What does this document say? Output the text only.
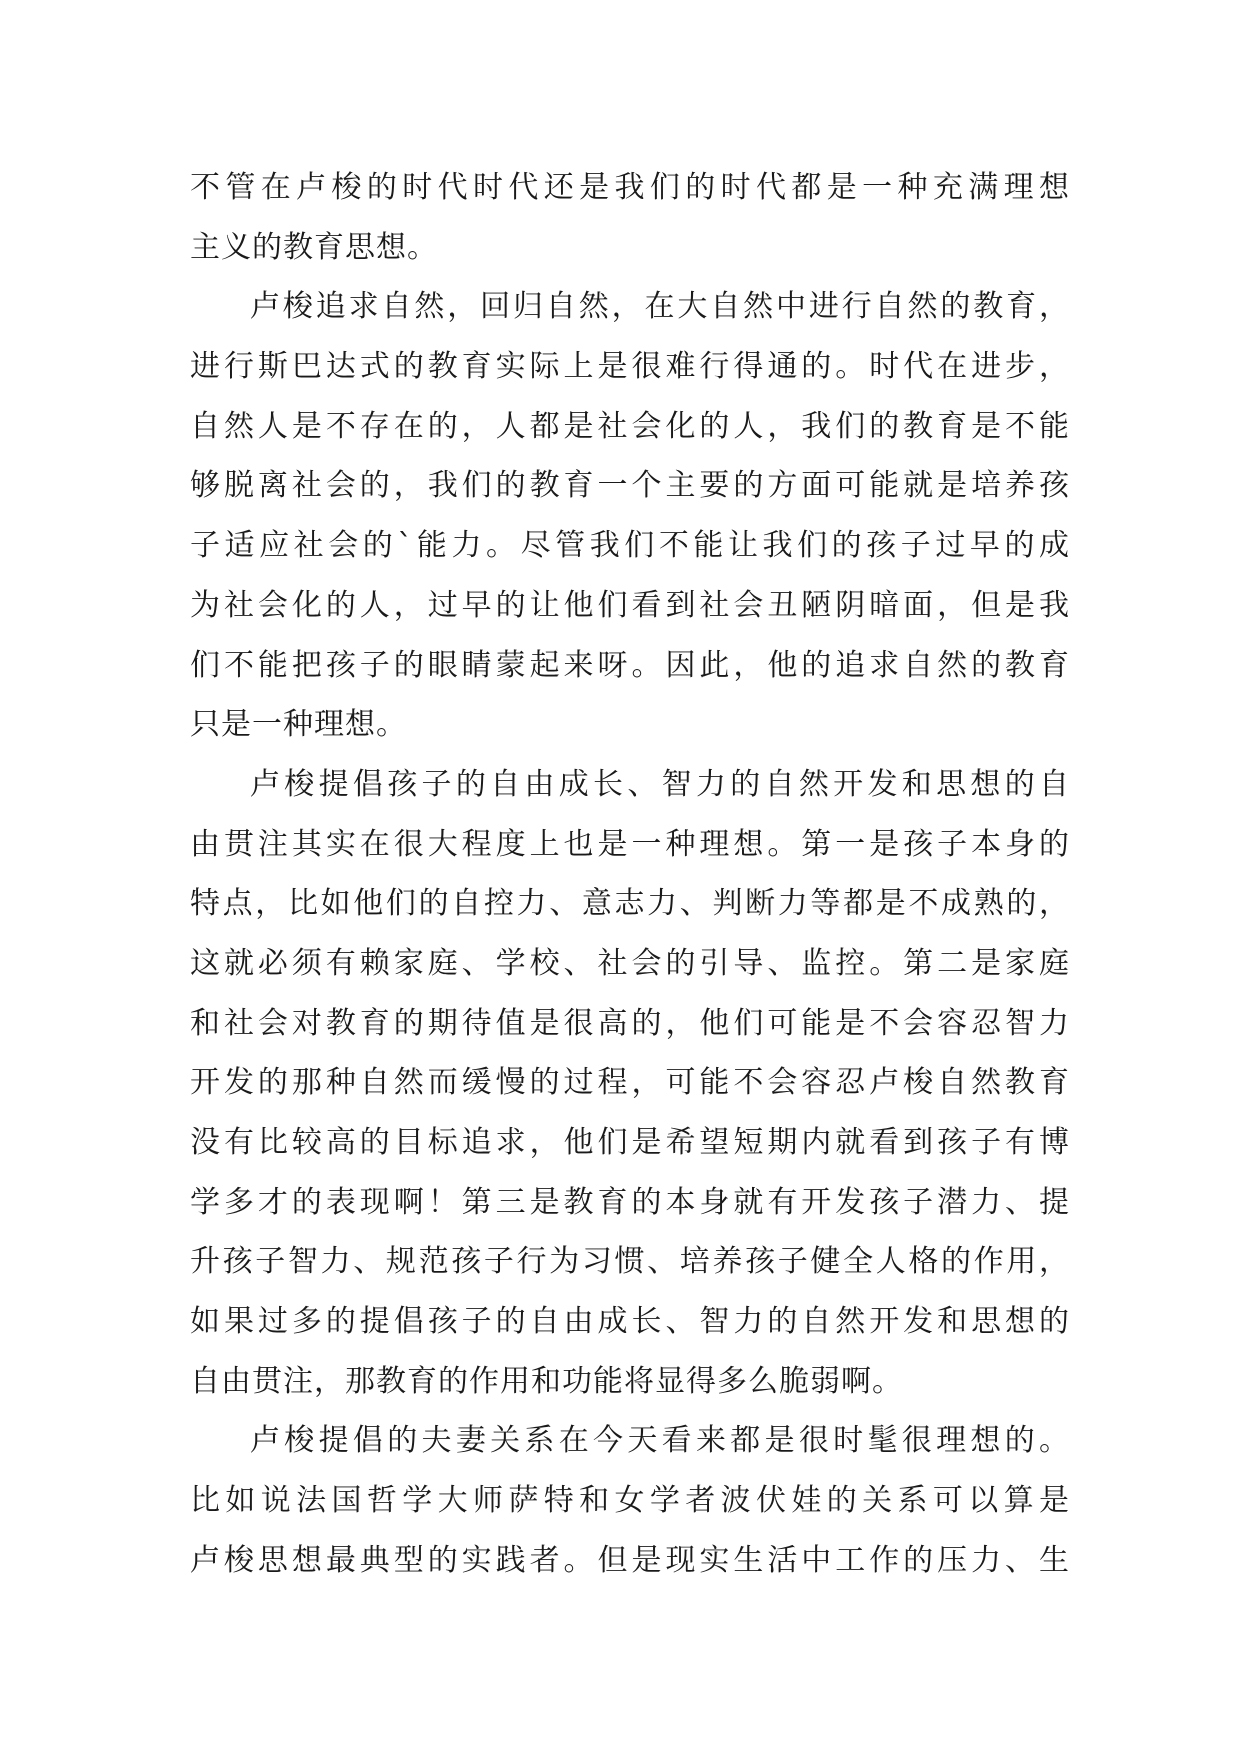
不管在卢梭的时代时代还是我们的时代都是一种充满理想
主义的教育思想。
卢梭追求自然，回归自然，在大自然中进行自然的教育，
进行斯巴达式的教育实际上是很难行得通的。时代在进步，
自然人是不存在的，人都是社会化的人，我们的教育是不能
够脱离社会的，我们的教育一个主要的方面可能就是培养孩
子适应社会的`能力。尽管我们不能让我们的孩子过早的成
为社会化的人，过早的让他们看到社会丑陋阴暗面，但是我
们不能把孩子的眼睛蒙起来呀。因此，他的追求自然的教育
只是一种理想。
卢梭提倡孩子的自由成长、智力的自然开发和思想的自
由贯注其实在很大程度上也是一种理想。第一是孩子本身的
特点，比如他们的自控力、意志力、判断力等都是不成熟的，
这就必须有赖家庭、学校、社会的引导、监控。第二是家庭
和社会对教育的期待值是很高的，他们可能是不会容忍智力
开发的那种自然而缓慢的过程，可能不会容忍卢梭自然教育
没有比较高的目标追求，他们是希望短期内就看到孩子有博
学多才的表现啊！第三是教育的本身就有开发孩子潜力、提
升孩子智力、规范孩子行为习惯、培养孩子健全人格的作用，
如果过多的提倡孩子的自由成长、智力的自然开发和思想的
自由贯注，那教育的作用和功能将显得多么脆弱啊。
卢梭提倡的夫妻关系在今天看来都是很时髦很理想的。
比如说法国哲学大师萨特和女学者波伏娃的关系可以算是
卢梭思想最典型的实践者。但是现实生活中工作的压力、生
